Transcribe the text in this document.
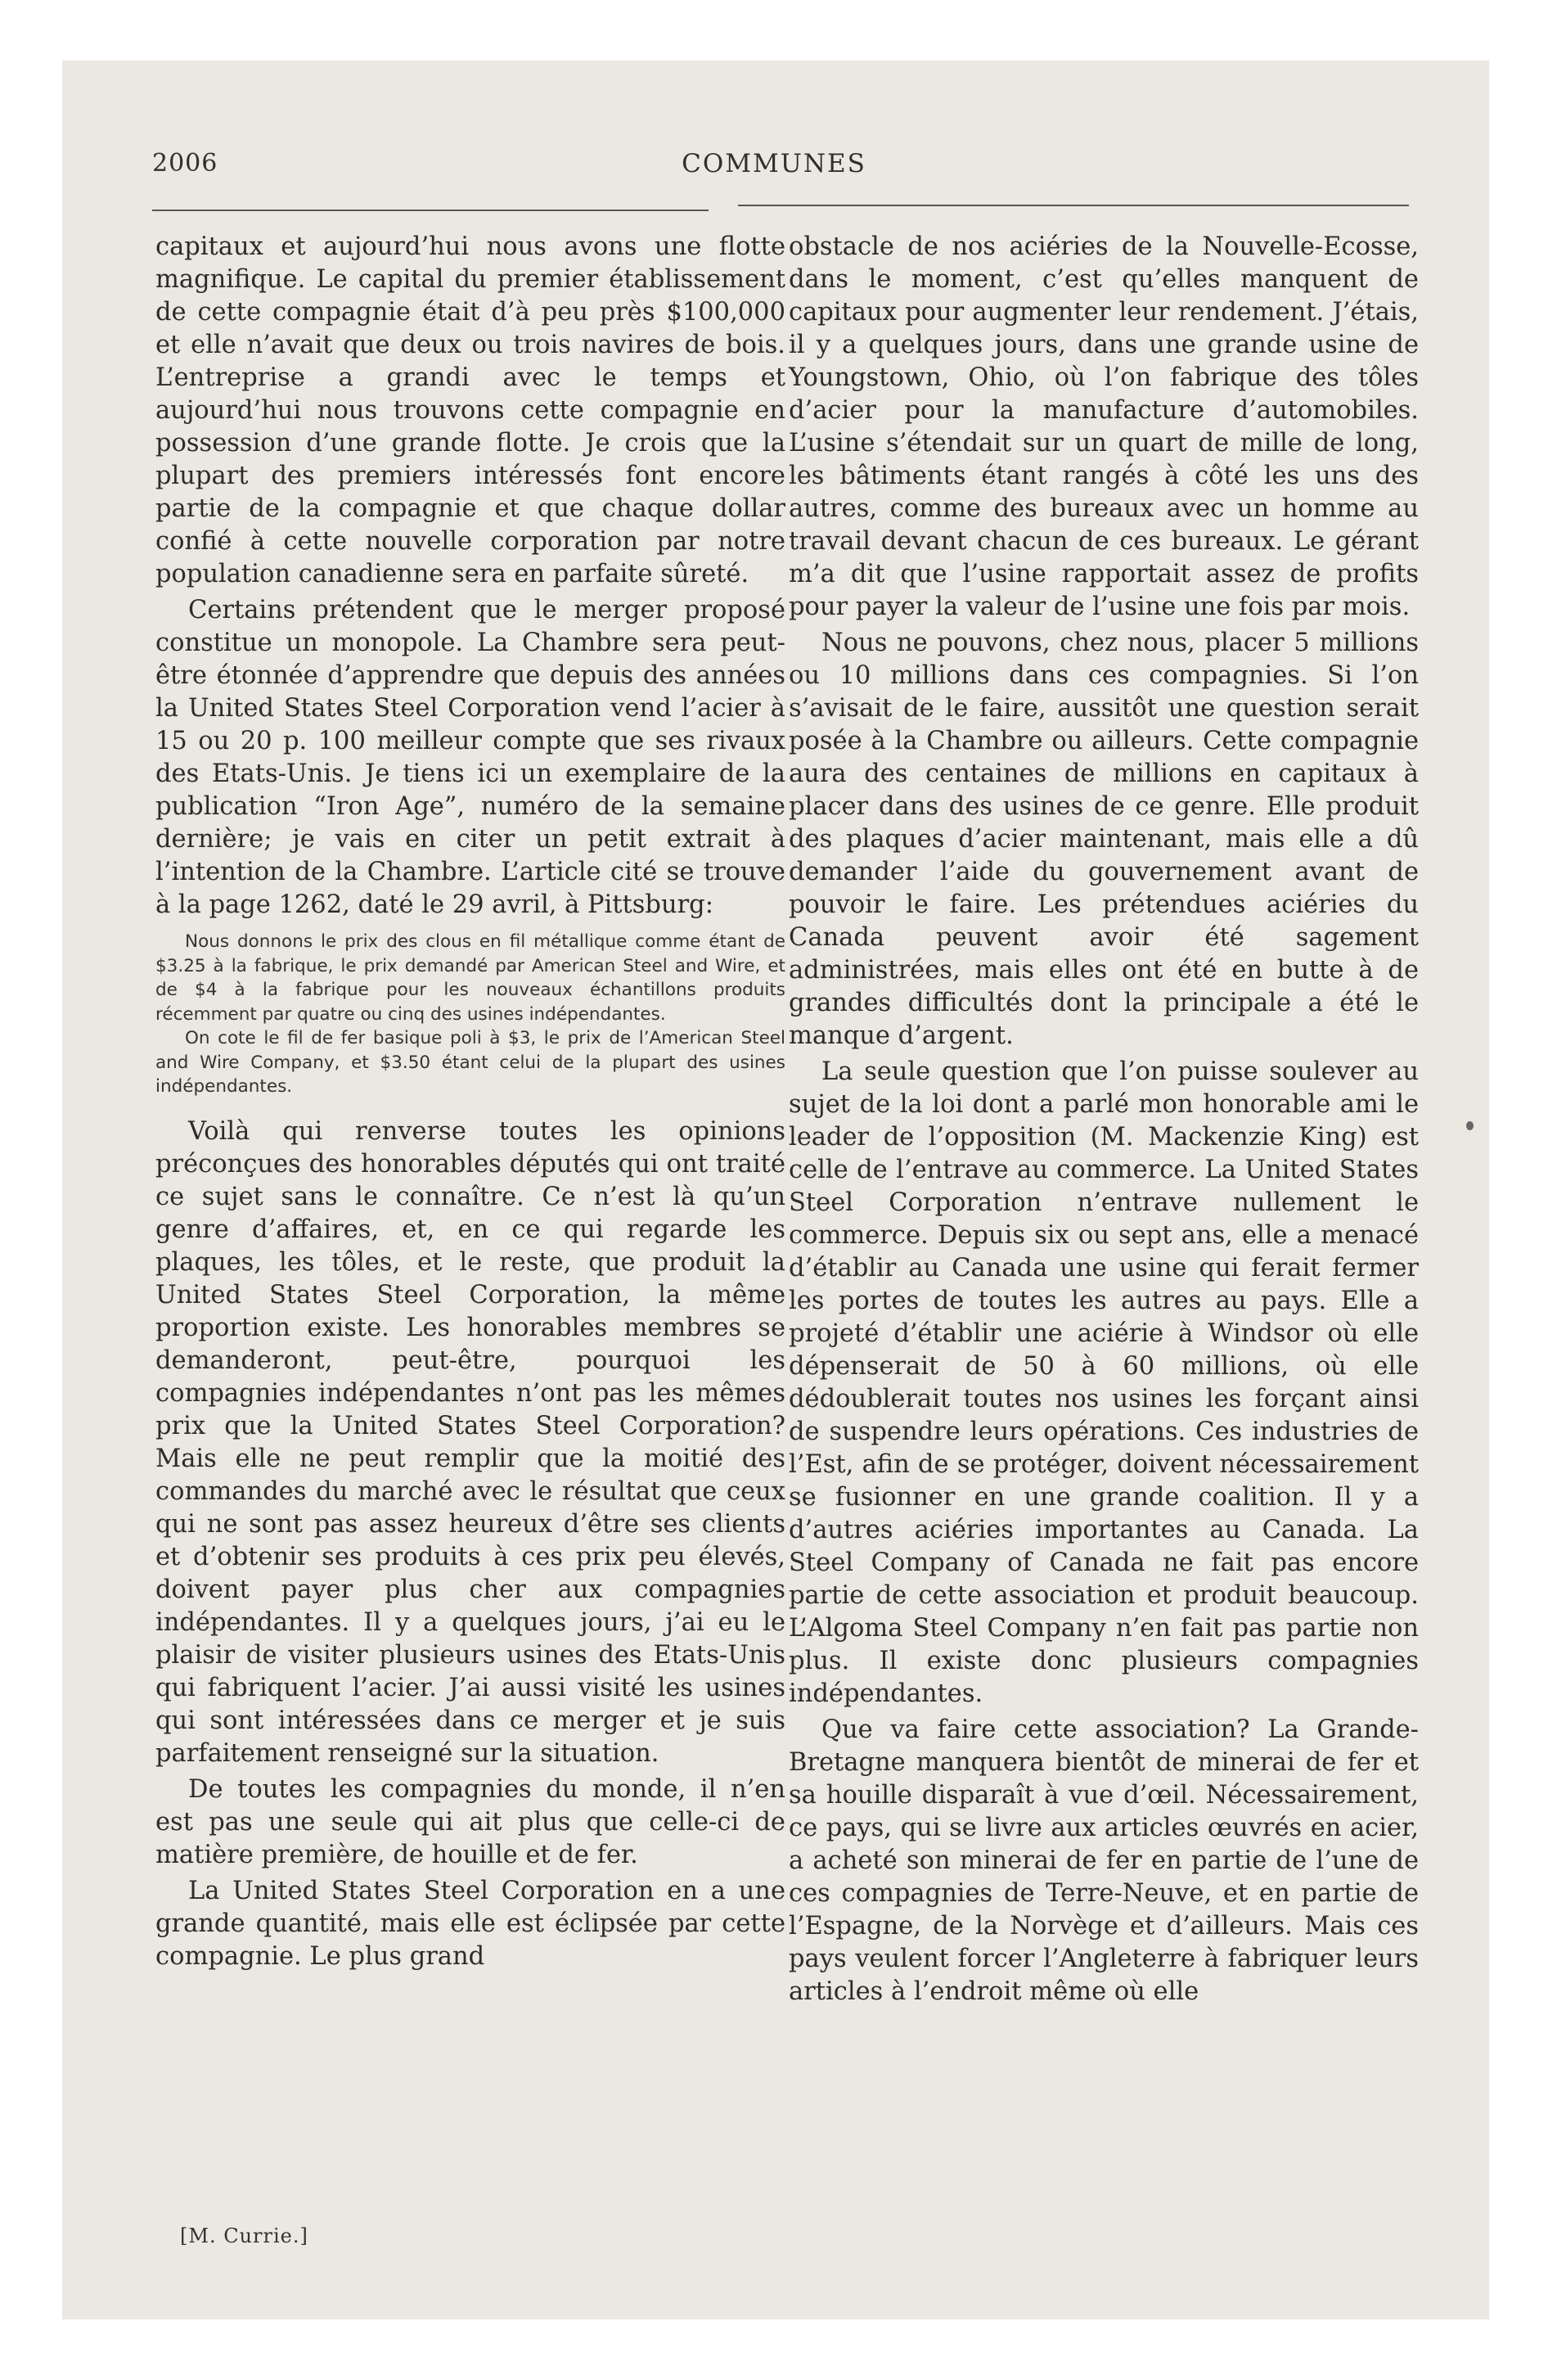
2006	COMMUNES

capitaux et aujourd’hui nous avons une flotte magnifique. Le capital du premier établissement de cette compagnie était d’à peu près $100,000 et elle n’avait que deux ou trois navires de bois. L’entreprise a grandi avec le temps et aujourd’hui nous trouvons cette compagnie en possession d’une grande flotte. Je crois que la plupart des premiers intéressés font encore partie de la compagnie et que chaque dollar confié à cette nouvelle corporation par notre population canadienne sera en parfaite sûreté.

Certains prétendent que le merger proposé constitue un monopole. La Chambre sera peut-être étonnée d’apprendre que depuis des années la United States Steel Corporation vend l’acier à 15 ou 20 p. 100 meilleur compte que ses rivaux des Etats-Unis. Je tiens ici un exemplaire de la publication “Iron Age”, numéro de la semaine dernière; je vais en citer un petit extrait à l’intention de la Chambre. L’article cité se trouve à la page 1262, daté le 29 avril, à Pittsburg:

Nous donnons le prix des clous en fil métallique comme étant de $3.25 à la fabrique, le prix demandé par American Steel and Wire, et de $4 à la fabrique pour les nouveaux échantillons produits récemment par quatre ou cinq des usines indépendantes.

On cote le fil de fer basique poli à $3, le prix de l’American Steel and Wire Company, et $3.50 étant celui de la plupart des usines indépendantes.

Voilà qui renverse toutes les opinions préconçues des honorables députés qui ont traité ce sujet sans le connaître. Ce n’est là qu’un genre d’affaires, et, en ce qui regarde les plaques, les tôles, et le reste, que produit la United States Steel Corporation, la même proportion existe. Les honorables membres se demanderont, peut-être, pourquoi les compagnies indépendantes n’ont pas les mêmes prix que la United States Steel Corporation? Mais elle ne peut remplir que la moitié des commandes du marché avec le résultat que ceux qui ne sont pas assez heureux d’être ses clients et d’obtenir ses produits à ces prix peu élevés, doivent payer plus cher aux compagnies indépendantes. Il y a quelques jours, j’ai eu le plaisir de visiter plusieurs usines des Etats-Unis qui fabriquent l’acier. J’ai aussi visité les usines qui sont intéressées dans ce merger et je suis parfaitement renseigné sur la situation.

De toutes les compagnies du monde, il n’en est pas une seule qui ait plus que celle-ci de matière première, de houille et de fer.

La United States Steel Corporation en a une grande quantité, mais elle est éclipsée par cette compagnie. Le plus grand

obstacle de nos aciéries de la Nouvelle-Ecosse, dans le moment, c’est qu’elles manquent de capitaux pour augmenter leur rendement. J’étais, il y a quelques jours, dans une grande usine de Youngstown, Ohio, où l’on fabrique des tôles d’acier pour la manufacture d’automobiles. L’usine s’étendait sur un quart de mille de long, les bâtiments étant rangés à côté les uns des autres, comme des bureaux avec un homme au travail devant chacun de ces bureaux. Le gérant m’a dit que l’usine rapportait assez de profits pour payer la valeur de l’usine une fois par mois.

Nous ne pouvons, chez nous, placer 5 millions ou 10 millions dans ces compagnies. Si l’on s’avisait de le faire, aussitôt une question serait posée à la Chambre ou ailleurs. Cette compagnie aura des centaines de millions en capitaux à placer dans des usines de ce genre. Elle produit des plaques d’acier maintenant, mais elle a dû demander l’aide du gouvernement avant de pouvoir le faire. Les prétendues aciéries du Canada peuvent avoir été sagement administrées, mais elles ont été en butte à de grandes difficultés dont la principale a été le manque d’argent.

La seule question que l’on puisse soulever au sujet de la loi dont a parlé mon honorable ami le leader de l’opposition (M. Mackenzie King) est celle de l’entrave au commerce. La United States Steel Corporation n’entrave nullement le commerce. Depuis six ou sept ans, elle a menacé d’établir au Canada une usine qui ferait fermer les portes de toutes les autres au pays. Elle a projeté d’établir une aciérie à Windsor où elle dépenserait de 50 à 60 millions, où elle dédoublerait toutes nos usines les forçant ainsi de suspendre leurs opérations. Ces industries de l’Est, afin de se protéger, doivent nécessairement se fusionner en une grande coalition. Il y a d’autres aciéries importantes au Canada. La Steel Company of Canada ne fait pas encore partie de cette association et produit beaucoup. L’Algoma Steel Company n’en fait pas partie non plus. Il existe donc plusieurs compagnies indépendantes.

Que va faire cette association? La Grande-Bretagne manquera bientôt de minerai de fer et sa houille disparaît à vue d’œil. Nécessairement, ce pays, qui se livre aux articles œuvrés en acier, a acheté son minerai de fer en partie de l’une de ces compagnies de Terre-Neuve, et en partie de l’Espagne, de la Norvège et d’ailleurs. Mais ces pays veulent forcer l’Angleterre à fabriquer leurs articles à l’endroit même où elle

[M. Currie.]
